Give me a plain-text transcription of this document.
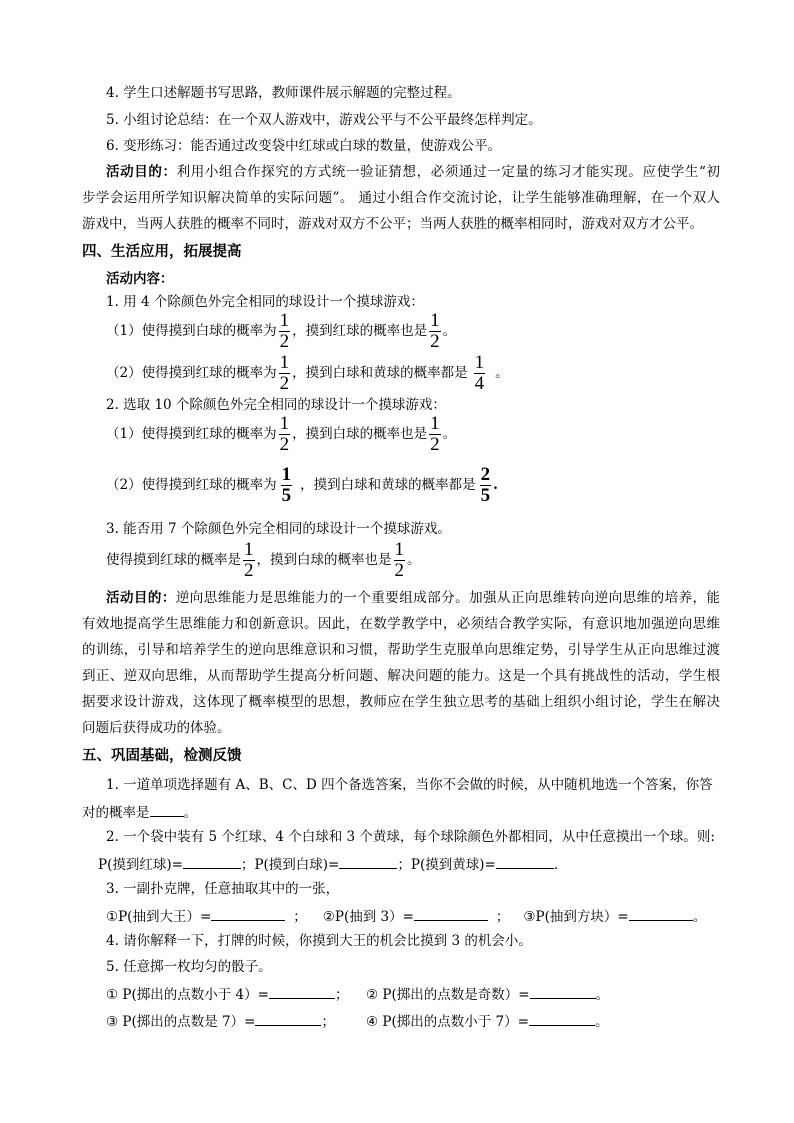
4. 学生口述解题书写思路，教师课件展示解题的完整过程。
5. 小组讨论总结：在一个双人游戏中，游戏公平与不公平最终怎样判定。
6. 变形练习：能否通过改变袋中红球或白球的数量，使游戏公平。
活动目的：利用小组合作探究的方式统一验证猜想，必须通过一定量的练习才能实现。应使学生“初
步学会运用所学知识解决简单的实际问题”。 通过小组合作交流讨论，让学生能够准确理解，在一个双人
游戏中，当两人获胜的概率不同时，游戏对双方不公平；当两人获胜的概率相同时，游戏对双方才公平。
四、生活应用，拓展提高
活动内容：
1. 用 4 个除颜色外完全相同的球设计一个摸球游戏：
（1）使得摸到白球的概率为 $\frac{1}{2}$ ，摸到红球的概率也是 $\frac{1}{2}$ 。
（2）使得摸到红球的概率为 $\frac{1}{2}$ ，摸到白球和黄球的概率都是 $\frac{1}{4}$ 。
2. 选取 10 个除颜色外完全相同的球设计一个摸球游戏：
（1）使得摸到红球的概率为 $\frac{1}{2}$ ，摸到白球的概率也是 $\frac{1}{2}$ 。
（2）使得摸到红球的概率为 $\frac{1}{5}$ ，摸到白球和黄球的概率都是 $\frac{2}{5}$ .
3. 能否用 7 个除颜色外完全相同的球设计一个摸球游戏。
使得摸到红球的概率是 $\frac{1}{2}$ ，摸到白球的概率也是 $\frac{1}{2}$ 。
活动目的：逆向思维能力是思维能力的一个重要组成部分。加强从正向思维转向逆向思维的培养，能
有效地提高学生思维能力和创新意识。因此，在数学教学中，必须结合教学实际，有意识地加强逆向思维
的训练，引导和培养学生的逆向思维意识和习惯，帮助学生克服单向思维定势，引导学生从正向思维过渡
到正、逆双向思维，从而帮助学生提高分析问题、解决问题的能力。这是一个具有挑战性的活动，学生根
据要求设计游戏，这体现了概率模型的思想，教师应在学生独立思考的基础上组织小组讨论，学生在解决
问题后获得成功的体验。
五、巩固基础，检测反馈
1. 一道单项选择题有 A、B、C、D 四个备选答案，当你不会做的时候，从中随机地选一个答案，你答
对的概率是	。
2. 一个袋中装有 5 个红球、4 个白球和 3 个黄球，每个球除颜色外都相同，从中任意摸出一个球。则:
P(摸到红球)=	；P(摸到白球)=	；P(摸到黄球)=	.
3. 一副扑克牌，任意抽取其中的一张，
①P(抽到大王）=	； ②P(抽到 3）=	； ③P(抽到方块）=	。
4. 请你解释一下，打牌的时候，你摸到大王的机会比摸到 3 的机会小。
5. 任意掷一枚均匀的骰子。
① P(掷出的点数小于 4）=	； ② P(掷出的点数是奇数）=	。
③ P(掷出的点数是 7）=	； ④ P(掷出的点数小于 7）=	。
